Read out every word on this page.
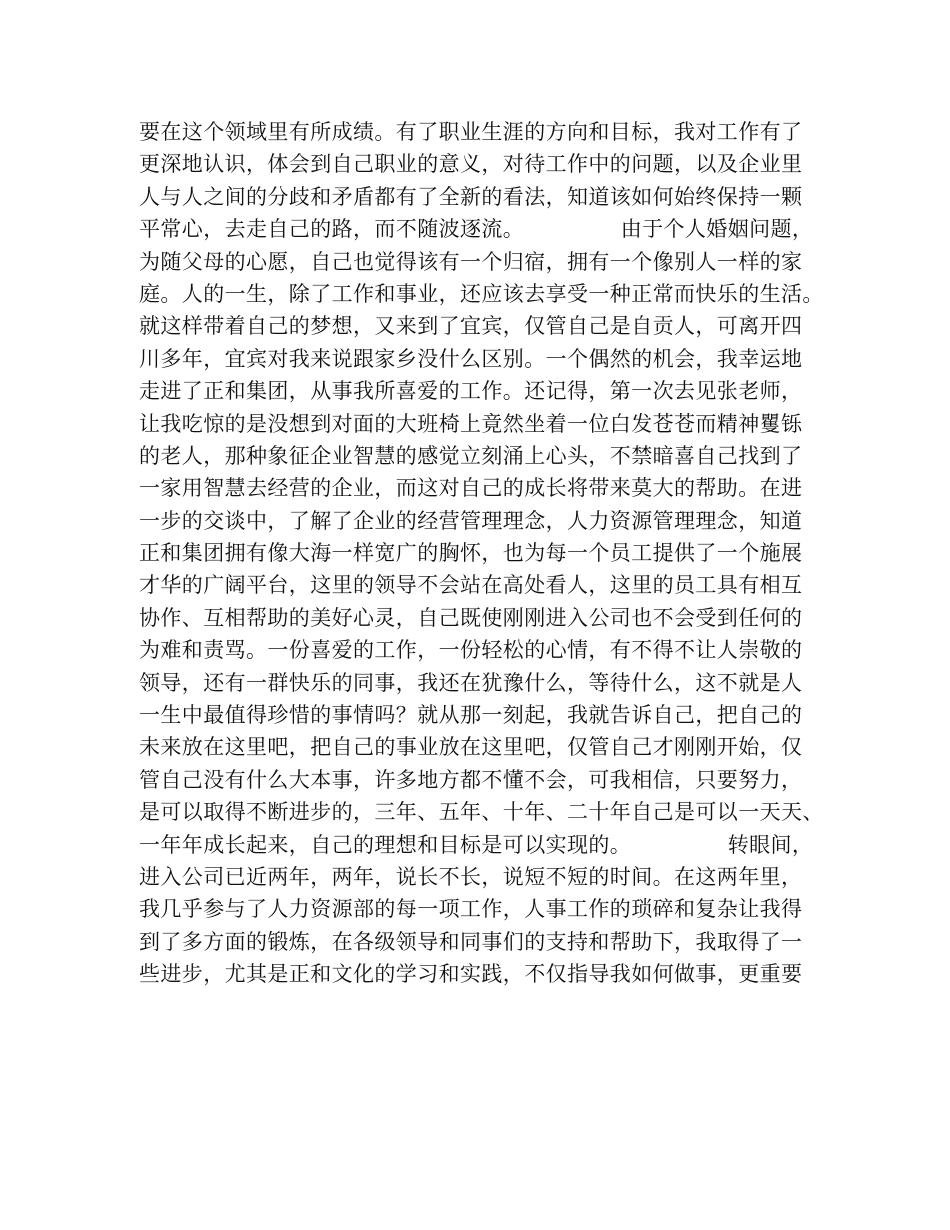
要在这个领域里有所成绩。有了职业生涯的方向和目标，我对工作有了
更深地认识，体会到自己职业的意义，对待工作中的问题，以及企业里
人与人之间的分歧和矛盾都有了全新的看法，知道该如何始终保持一颗
平常心，去走自己的路，而不随波逐流。　　　　　由于个人婚姻问题，
为随父母的心愿，自己也觉得该有一个归宿，拥有一个像别人一样的家
庭。人的一生，除了工作和事业，还应该去享受一种正常而快乐的生活。
就这样带着自己的梦想，又来到了宜宾，仅管自己是自贡人，可离开四
川多年，宜宾对我来说跟家乡没什么区别。一个偶然的机会，我幸运地
走进了正和集团，从事我所喜爱的工作。还记得，第一次去见张老师，
让我吃惊的是没想到对面的大班椅上竟然坐着一位白发苍苍而精神矍铄
的老人，那种象征企业智慧的感觉立刻涌上心头，不禁暗喜自己找到了
一家用智慧去经营的企业，而这对自己的成长将带来莫大的帮助。在进
一步的交谈中，了解了企业的经营管理理念，人力资源管理理念，知道
正和集团拥有像大海一样宽广的胸怀，也为每一个员工提供了一个施展
才华的广阔平台，这里的领导不会站在高处看人，这里的员工具有相互
协作、互相帮助的美好心灵，自己既使刚刚进入公司也不会受到任何的
为难和责骂。一份喜爱的工作，一份轻松的心情，有不得不让人崇敬的
领导，还有一群快乐的同事，我还在犹豫什么，等待什么，这不就是人
一生中最值得珍惜的事情吗？就从那一刻起，我就告诉自己，把自己的
未来放在这里吧，把自己的事业放在这里吧，仅管自己才刚刚开始，仅
管自己没有什么大本事，许多地方都不懂不会，可我相信，只要努力，
是可以取得不断进步的，三年、五年、十年、二十年自己是可以一天天、
一年年成长起来，自己的理想和目标是可以实现的。　　　　　转眼间，
进入公司已近两年，两年，说长不长，说短不短的时间。在这两年里，
我几乎参与了人力资源部的每一项工作，人事工作的琐碎和复杂让我得
到了多方面的锻炼，在各级领导和同事们的支持和帮助下，我取得了一
些进步，尤其是正和文化的学习和实践，不仅指导我如何做事，更重要
